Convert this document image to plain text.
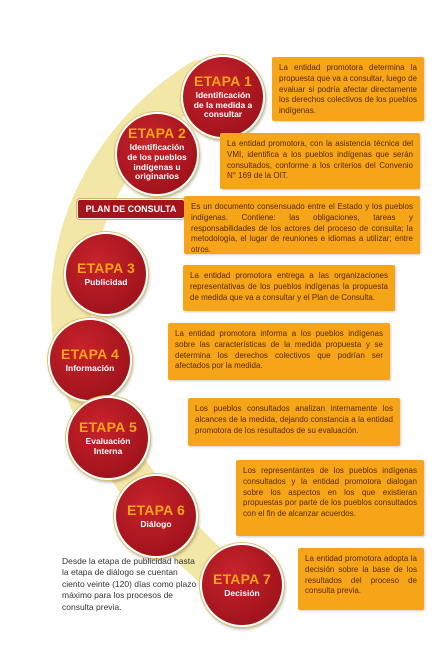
ETAPA 1
Identificación de la medida a consultar
La entidad promotora determina la propuesta que va a consultar, luego de evaluar si podría afectar directamente los derechos colectivos de los pueblos indígenas.
ETAPA 2
Identificación de los pueblos indígenas u originarios
La entidad promotora, con la asistencia técnica del VMI, identifica a los pueblos indígenas que serán consultados, conforme a los criterios del Convenio N° 169 de la OIT.
PLAN DE CONSULTA	Es un documento consensuado entre el Estado y los pueblos indígenas. Contiene: las obligaciones, tareas y responsabilidades de los actores del proceso de consulta; la metodología, el lugar de reuniones e idiomas a utilizar; entre otros.
ETAPA 3
Publicidad
La entidad promotora entrega a las organizaciones representativas de los pueblos indígenas la propuesta de medida que va a consultar y el Plan de Consulta.
ETAPA 4
Información
La entidad promotora informa a los pueblos indígenas sobre las características de la medida propuesta y se determina los derechos colectivos que podrían ser afectados por la medida.
ETAPA 5
Evaluación Interna
Los pueblos consultados analizan internamente los alcances de la medida, dejando constancia a la entidad promotora de los resultados de su evaluación.
ETAPA 6
Diálogo
Los representantes de los pueblos indígenas consultados y la entidad promotora dialogan sobre los aspectos en los que existieran propuestas por parte de los pueblos consultados con el fin de alcanzar acuerdos.
Desde la etapa de publicidad hasta la etapa de diálogo se cuentan ciento veinte (120) días como plazo máximo para los procesos de consulta previa.
ETAPA 7
Decisión
La entidad promotora adopta la decisión sobre la base de los resultados del proceso de consulta previa.
